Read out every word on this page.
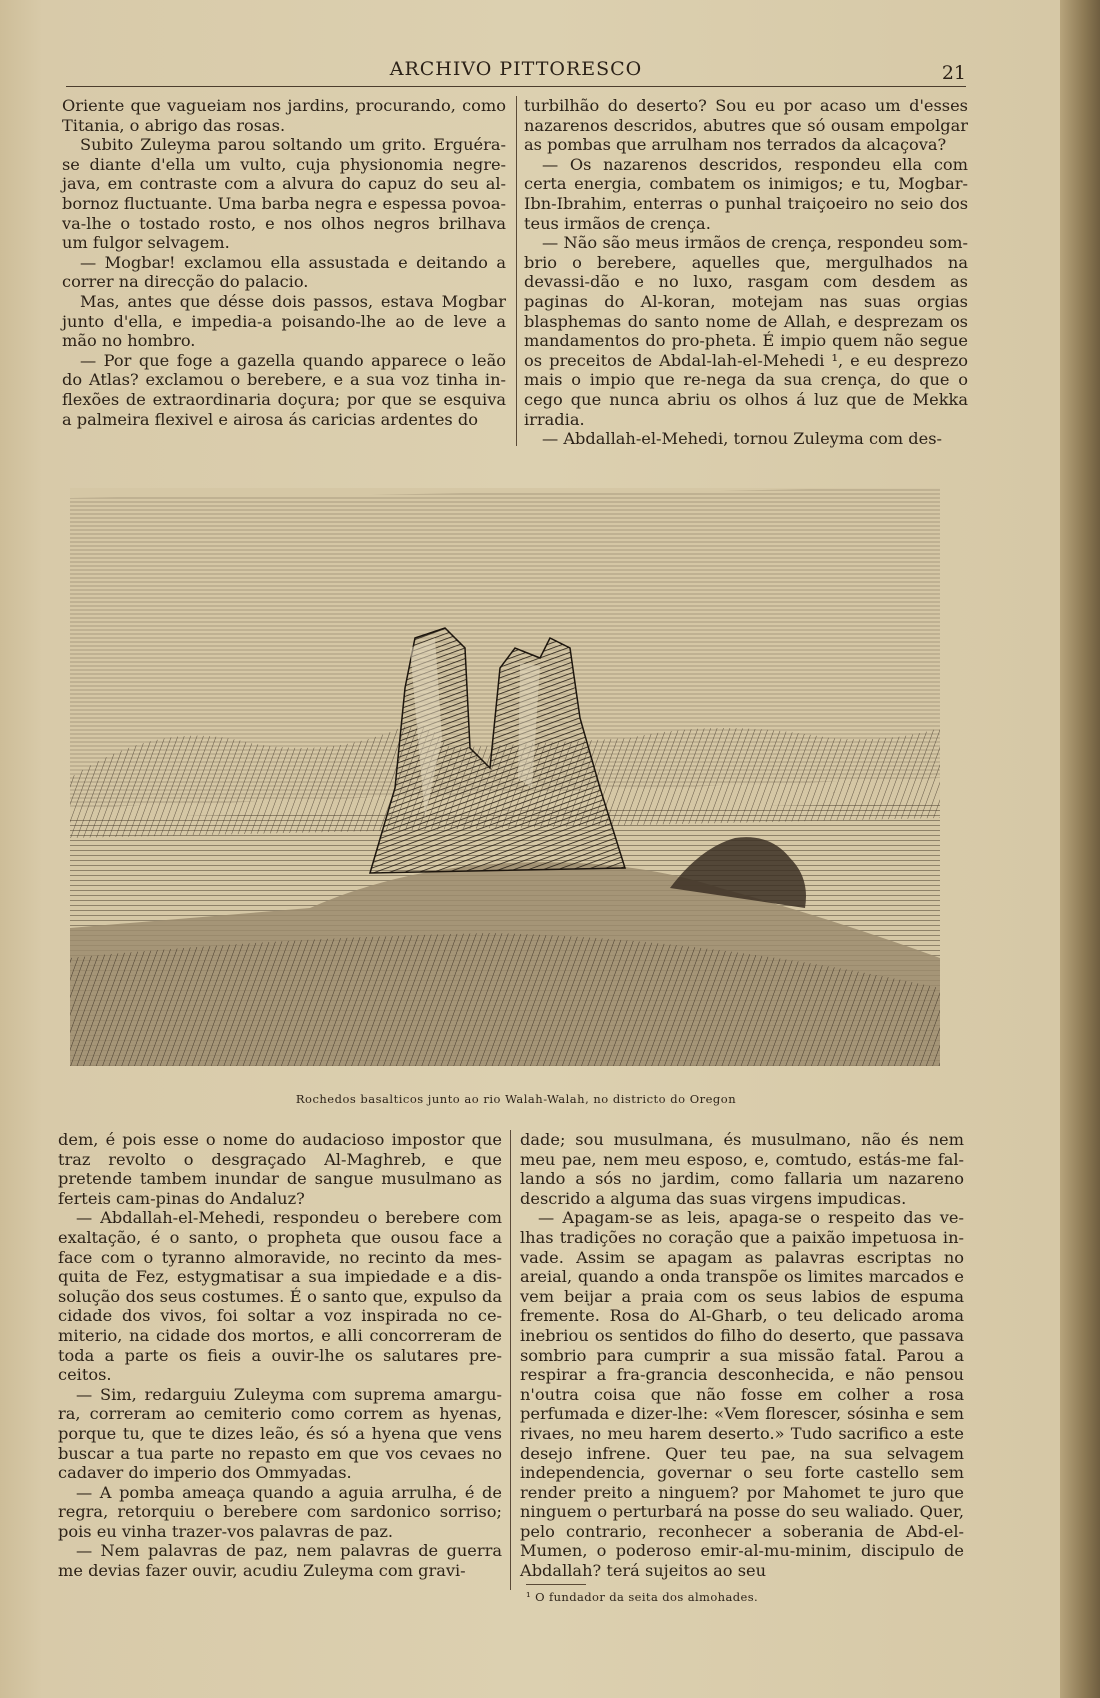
ARCHIVO PITTORESCO	21

Oriente que vagueiam nos jardins, procurando, como Titania, o abrigo das rosas.

Subito Zuleyma parou soltando um grito. Erguéra-se diante d'ella um vulto, cuja physionomia negre-java, em contraste com a alvura do capuz do seu al-bornoz fluctuante. Uma barba negra e espessa povoa-va-lhe o tostado rosto, e nos olhos negros brilhava um fulgor selvagem.

— Mogbar! exclamou ella assustada e deitando a correr na direcção do palacio.

Mas, antes que désse dois passos, estava Mogbar junto d'ella, e impedia-a poisando-lhe ao de leve a mão no hombro.

— Por que foge a gazella quando apparece o leão do Atlas? exclamou o berebere, e a sua voz tinha in-flexões de extraordinaria doçura; por que se esquiva a palmeira flexivel e airosa ás caricias ardentes do

turbilhão do deserto? Sou eu por acaso um d'esses nazarenos descridos, abutres que só ousam empolgar as pombas que arrulham nos terrados da alcaçova?

— Os nazarenos descridos, respondeu ella com certa energia, combatem os inimigos; e tu, Mogbar-Ibn-Ibrahim, enterras o punhal traiçoeiro no seio dos teus irmãos de crença.

— Não são meus irmãos de crença, respondeu som-brio o berebere, aquelles que, mergulhados na devassi-dão e no luxo, rasgam com desdem as paginas do Al-koran, motejam nas suas orgias blasphemas do santo nome de Allah, e desprezam os mandamentos do pro-pheta. É impio quem não segue os preceitos de Abdal-lah-el-Mehedi ¹, e eu desprezo mais o impio que re-nega da sua crença, do que o cego que nunca abriu os olhos á luz que de Mekka irradia.

— Abdallah-el-Mehedi, tornou Zuleyma com des-

Rochedos basalticos junto ao rio Walah-Walah, no districto do Oregon

dem, é pois esse o nome do audacioso impostor que traz revolto o desgraçado Al-Maghreb, e que pretende tambem inundar de sangue musulmano as ferteis cam-pinas do Andaluz?

— Abdallah-el-Mehedi, respondeu o berebere com exaltação, é o santo, o propheta que ousou face a face com o tyranno almoravide, no recinto da mes-quita de Fez, estygmatisar a sua impiedade e a dis-solução dos seus costumes. É o santo que, expulso da cidade dos vivos, foi soltar a voz inspirada no ce-miterio, na cidade dos mortos, e alli concorreram de toda a parte os fieis a ouvir-lhe os salutares pre-ceitos.

— Sim, redarguiu Zuleyma com suprema amargu-ra, correram ao cemiterio como correm as hyenas, porque tu, que te dizes leão, és só a hyena que vens buscar a tua parte no repasto em que vos cevaes no cadaver do imperio dos Ommyadas.

— A pomba ameaça quando a aguia arrulha, é de regra, retorquiu o berebere com sardonico sorriso; pois eu vinha trazer-vos palavras de paz.

— Nem palavras de paz, nem palavras de guerra me devias fazer ouvir, acudiu Zuleyma com gravi-

dade; sou musulmana, és musulmano, não és nem meu pae, nem meu esposo, e, comtudo, estás-me fal-lando a sós no jardim, como fallaria um nazareno descrido a alguma das suas virgens impudicas.

— Apagam-se as leis, apaga-se o respeito das ve-lhas tradições no coração que a paixão impetuosa in-vade. Assim se apagam as palavras escriptas no areial, quando a onda transpõe os limites marcados e vem beijar a praia com os seus labios de espuma fremente. Rosa do Al-Gharb, o teu delicado aroma inebriou os sentidos do filho do deserto, que passava sombrio para cumprir a sua missão fatal. Parou a respirar a fra-grancia desconhecida, e não pensou n'outra coisa que não fosse em colher a rosa perfumada e dizer-lhe: «Vem florescer, sósinha e sem rivaes, no meu harem deserto.» Tudo sacrifico a este desejo infrene. Quer teu pae, na sua selvagem independencia, governar o seu forte castello sem render preito a ninguem? por Mahomet te juro que ninguem o perturbará na posse do seu waliado. Quer, pelo contrario, reconhecer a soberania de Abd-el-Mumen, o poderoso emir-al-mu-minim, discipulo de Abdallah? terá sujeitos ao seu

¹ O fundador da seita dos almohades.
